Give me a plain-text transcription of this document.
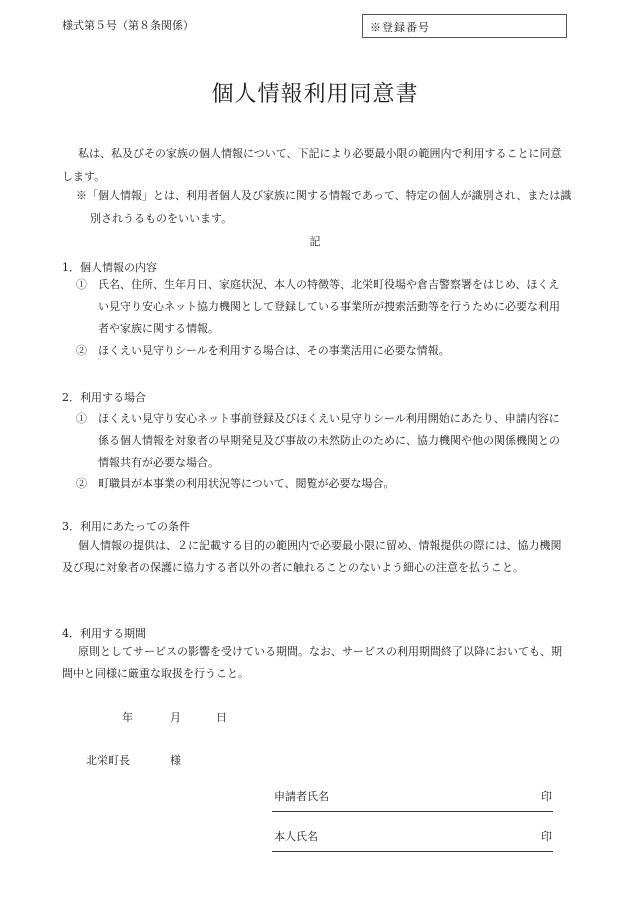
様式第５号（第８条関係）	※登録番号
個人情報利用同意書
私は、私及びその家族の個人情報について、下記により必要最小限の範囲内で利用することに同意します。
※「個人情報」とは、利用者個人及び家族に関する情報であって、特定の個人が識別され、または識別されうるものをいいます。
記
1．個人情報の内容
①　氏名、住所、生年月日、家庭状況、本人の特徴等、北栄町役場や倉吉警察署をはじめ、ほくえい見守り安心ネット協力機関として登録している事業所が捜索活動等を行うために必要な利用者や家族に関する情報。
②　ほくえい見守りシールを利用する場合は、その事業活用に必要な情報。
2．利用する場合
①　ほくえい見守り安心ネット事前登録及びほくえい見守りシール利用開始にあたり、申請内容に係る個人情報を対象者の早期発見及び事故の未然防止のために、協力機関や他の関係機関との情報共有が必要な場合。
②　町職員が本事業の利用状況等について、閲覧が必要な場合。
3．利用にあたっての条件
個人情報の提供は、２に記載する目的の範囲内で必要最小限に留め、情報提供の際には、協力機関及び現に対象者の保護に協力する者以外の者に触れることのないよう細心の注意を払うこと。
4．利用する期間
原則としてサービスの影響を受けている期間。なお、サービスの利用期間終了以降においても、期間中と同様に厳重な取扱を行うこと。
年	月	日
北栄町長	様
申請者氏名	印
本人氏名	印
